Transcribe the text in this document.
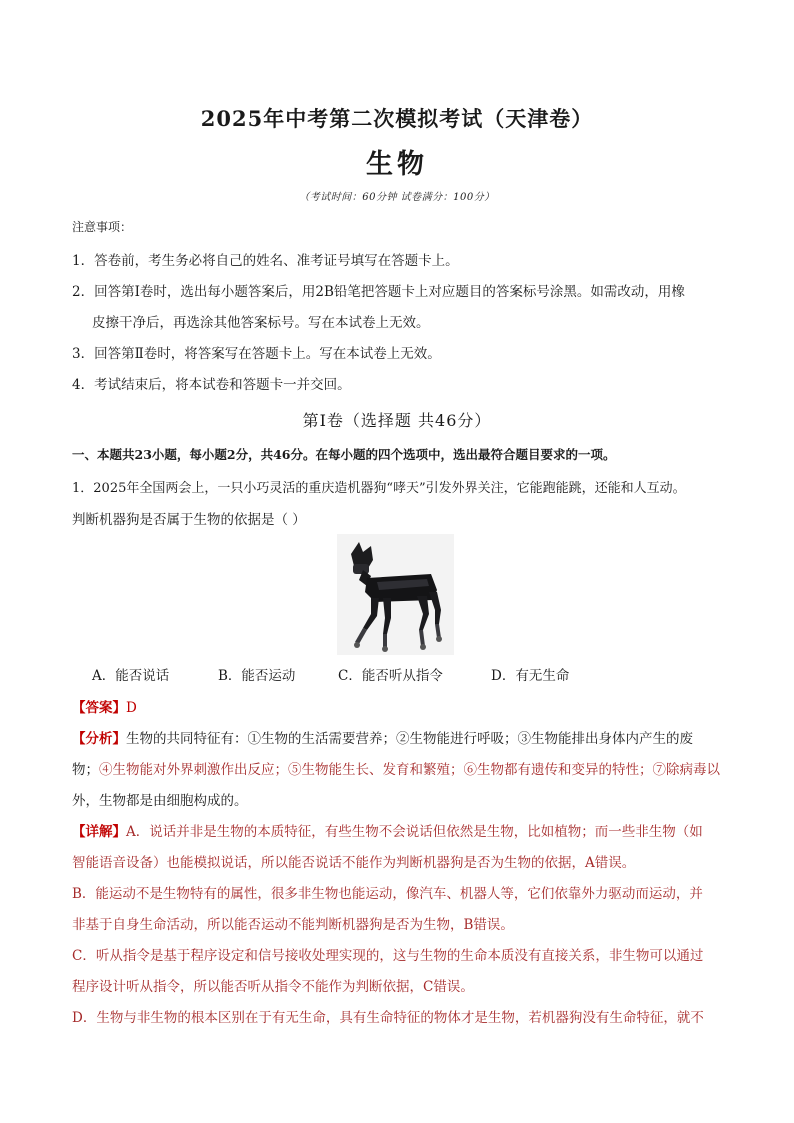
2025年中考第二次模拟考试（天津卷）
生物
（考试时间：60分钟 试卷满分：100分）
注意事项：
1．答卷前，考生务必将自己的姓名、准考证号填写在答题卡上。
2．回答第Ⅰ卷时，选出每小题答案后，用2B铅笔把答题卡上对应题目的答案标号涂黑。如需改动，用橡
皮擦干净后，再选涂其他答案标号。写在本试卷上无效。
3．回答第Ⅱ卷时，将答案写在答题卡上。写在本试卷上无效。
4．考试结束后，将本试卷和答题卡一并交回。
第Ⅰ卷（选择题 共46分）
一、本题共23小题，每小题2分，共46分。在每小题的四个选项中，选出最符合题目要求的一项。
1．2025年全国两会上，一只小巧灵活的重庆造机器狗“哮天”引发外界关注，它能跑能跳，还能和人互动。
判断机器狗是否属于生物的依据是（ ）
A．能否说话	B．能否运动	C．能否听从指令	D．有无生命
【答案】D
【分析】生物的共同特征有：①生物的生活需要营养；②生物能进行呼吸；③生物能排出身体内产生的废
物；④生物能对外界刺激作出反应；⑤生物能生长、发育和繁殖；⑥生物都有遗传和变异的特性；⑦除病毒以
外，生物都是由细胞构成的。
【详解】A．说话并非是生物的本质特征，有些生物不会说话但依然是生物，比如植物；而一些非生物（如
智能语音设备）也能模拟说话，所以能否说话不能作为判断机器狗是否为生物的依据，A错误。
B．能运动不是生物特有的属性，很多非生物也能运动，像汽车、机器人等，它们依靠外力驱动而运动，并
非基于自身生命活动，所以能否运动不能判断机器狗是否为生物，B错误。
C．听从指令是基于程序设定和信号接收处理实现的，这与生物的生命本质没有直接关系，非生物可以通过
程序设计听从指令，所以能否听从指令不能作为判断依据，C错误。
D．生物与非生物的根本区别在于有无生命，具有生命特征的物体才是生物，若机器狗没有生命特征，就不
